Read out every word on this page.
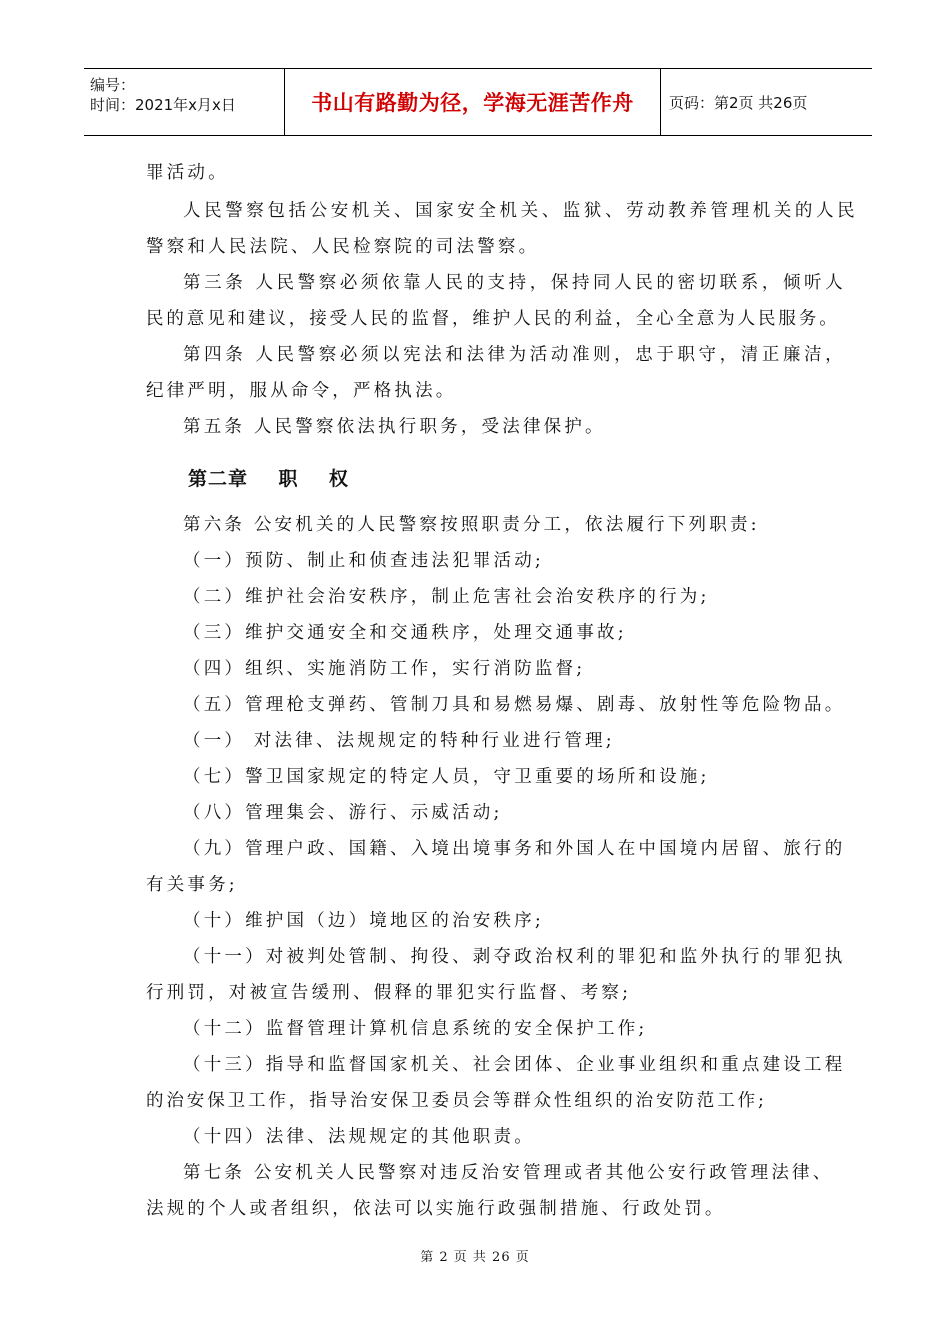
编号：
时间：2021年x月x日	书山有路勤为径，学海无涯苦作舟	页码：第2页 共26页
罪活动。
人民警察包括公安机关、国家安全机关、监狱、劳动教养管理机关的人民
警察和人民法院、人民检察院的司法警察。
第三条 人民警察必须依靠人民的支持，保持同人民的密切联系，倾听人
民的意见和建议，接受人民的监督，维护人民的利益，全心全意为人民服务。
第四条 人民警察必须以宪法和法律为活动准则，忠于职守，清正廉洁，
纪律严明，服从命令，严格执法。
第五条 人民警察依法执行职务，受法律保护。
第二章    职    权
第六条 公安机关的人民警察按照职责分工，依法履行下列职责:
（一）预防、制止和侦查违法犯罪活动;
（二）维护社会治安秩序，制止危害社会治安秩序的行为;
（三）维护交通安全和交通秩序，处理交通事故;
（四）组织、实施消防工作，实行消防监督;
（五）管理枪支弹药、管制刀具和易燃易爆、剧毒、放射性等危险物品。
（一） 对法律、法规规定的特种行业进行管理;
（七）警卫国家规定的特定人员，守卫重要的场所和设施;
（八）管理集会、游行、示威活动;
（九）管理户政、国籍、入境出境事务和外国人在中国境内居留、旅行的
有关事务;
（十）维护国（边）境地区的治安秩序;
（十一）对被判处管制、拘役、剥夺政治权利的罪犯和监外执行的罪犯执
行刑罚，对被宣告缓刑、假释的罪犯实行监督、考察;
（十二）监督管理计算机信息系统的安全保护工作;
（十三）指导和监督国家机关、社会团体、企业事业组织和重点建设工程
的治安保卫工作，指导治安保卫委员会等群众性组织的治安防范工作;
（十四）法律、法规规定的其他职责。
第七条 公安机关人民警察对违反治安管理或者其他公安行政管理法律、
法规的个人或者组织，依法可以实施行政强制措施、行政处罚。
第 2 页 共 26 页
